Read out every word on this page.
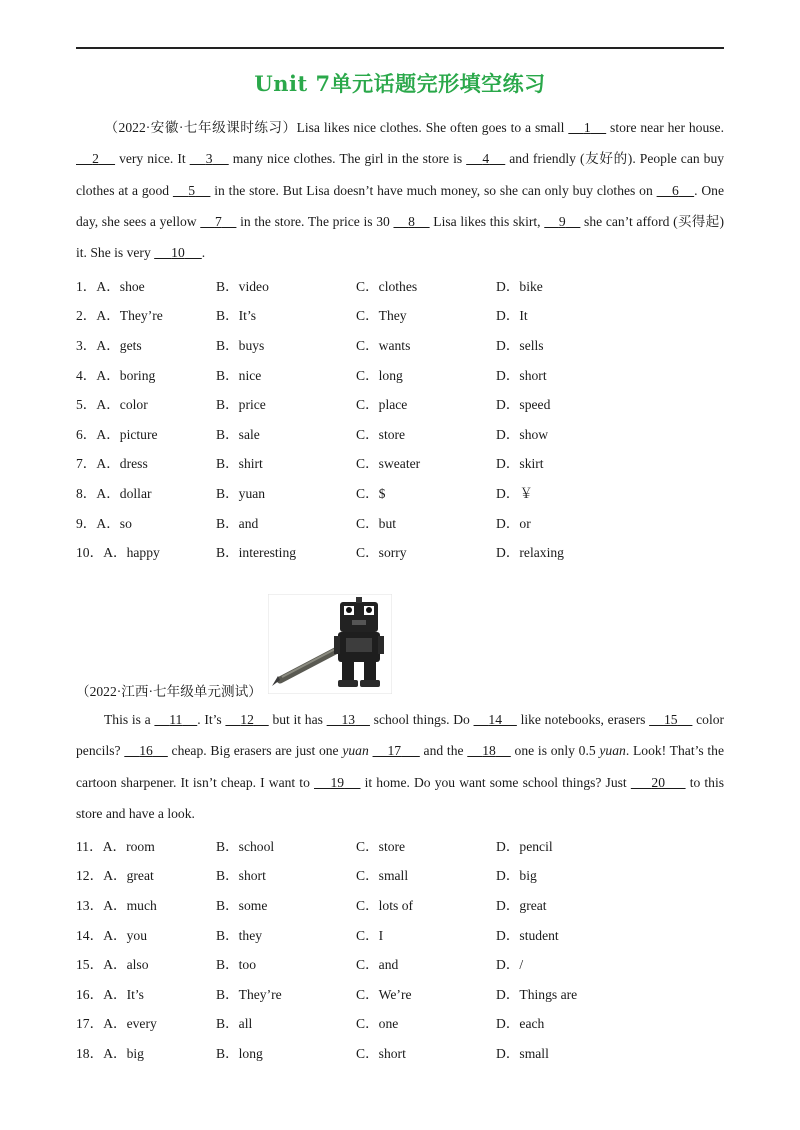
Unit 7单元话题完形填空练习
（2022·安徽·七年级课时练习）Lisa likes nice clothes. She often goes to a small     1     store near her house.     2     very nice. It     3     many nice clothes. The girl in the store is     4     and friendly (友好的). People can buy clothes at a good     5     in the store. But Lisa doesn’t have much money, so she can only buy clothes on     6 . One day, she sees a yellow     7     in the store. The price is 30     8     Lisa likes this skirt,     9     she can’t afford (买得起) it. She is very      10 .
1．A．shoe	B．video	C．clothes	D．bike
2．A．They’re	B．It’s	C．They	D．It
3．A．gets	B．buys	C．wants	D．sells
4．A．boring	B．nice	C．long	D．short
5．A．color	B．price	C．place	D．speed
6．A．picture	B．sale	C．store	D．show
7．A．dress	B．shirt	C．sweater	D．skirt
8．A．dollar	B．yuan	C．$	D．￥
9．A．so	B．and	C．but	D．or
10．A．happy	B．interesting	C．sorry	D．relaxing
（2022·江西·七年级单元测试）
This is a     11 . It’s     12     but it has     13     school things. Do     14     like notebooks, erasers     15     color pencils?     16     cheap. Big erasers are just one yuan 17      and the     18     one is only 0.5 yuan. Look! That’s the cartoon sharpener. It isn’t cheap. I want to     19     it home. Do you want some school things? Just      20      to this store and have a look.
11．A．room	B．school	C．store	D．pencil
12．A．great	B．short	C．small	D．big
13．A．much	B．some	C．lots of	D．great
14．A．you	B．they	C．I	D．student
15．A．also	B．too	C．and	D．/
16．A．It’s	B．They’re	C．We’re	D．Things are
17．A．every	B．all	C．one	D．each
18．A．big	B．long	C．short	D．small
